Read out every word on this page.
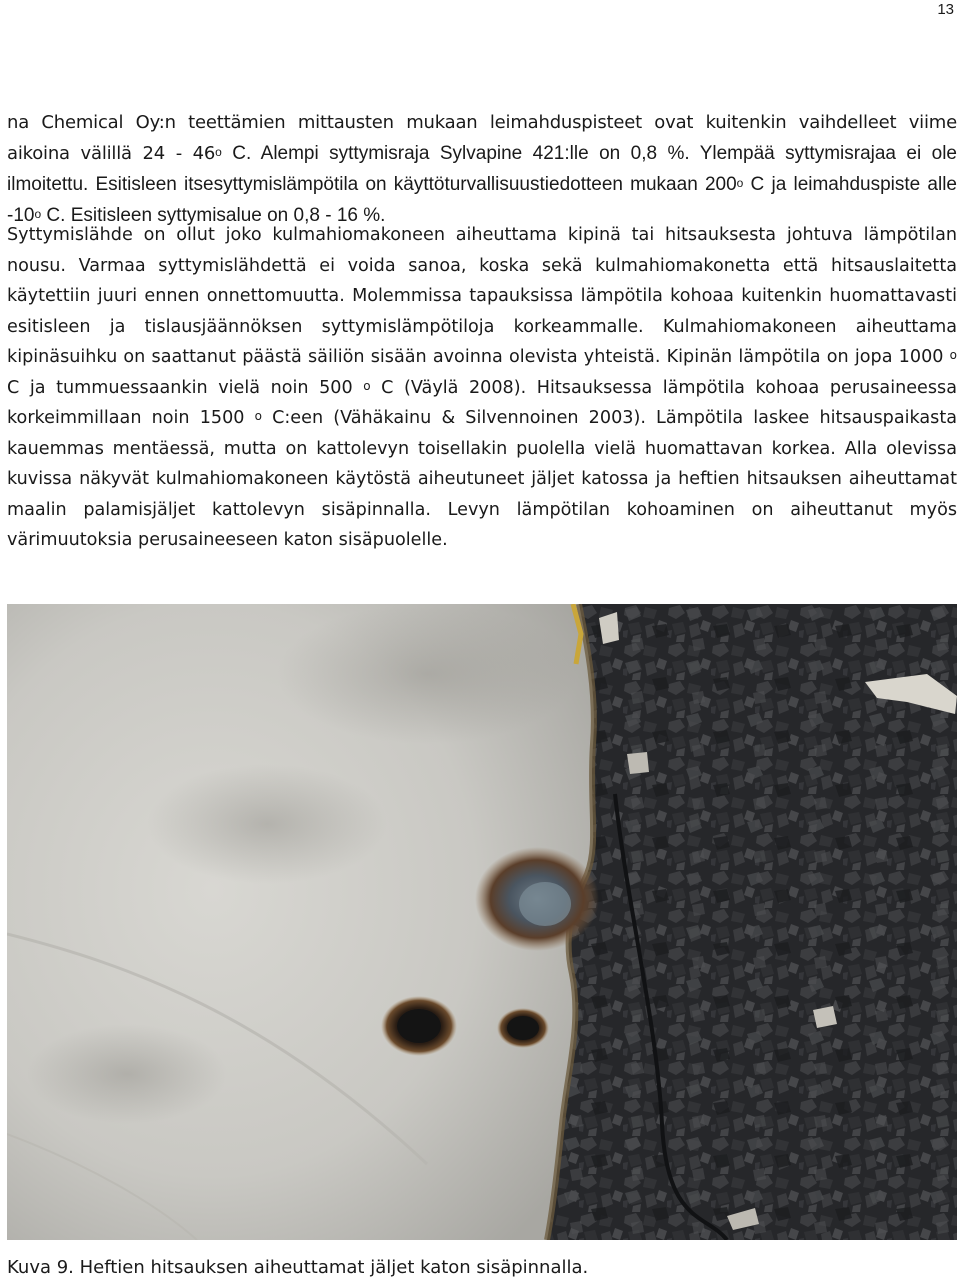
13

na Chemical Oy:n teettämien mittausten mukaan leimahduspisteet ovat kuitenkin vaihdelleet viime aikoina välillä 24 - 46$^o$ C. Alempi syttymisraja Sylvapine 421:lle on 0,8 %. Ylempää syttymisrajaa ei ole ilmoitettu. Esitisleen itsesyttymislämpötila on käyttöturvallisuustiedotteen mukaan 200$^o$ C ja leimahduspiste alle -10$^o$ C. Esitisleen syttymisalue on 0,8 - 16 %.

Syttymislähde on ollut joko kulmahiomakoneen aiheuttama kipinä tai hitsauksesta johtuva lämpötilan nousu. Varmaa syttymislähdettä ei voida sanoa, koska sekä kulmahiomakonetta että hitsauslaitetta käytettiin juuri ennen onnettomuutta. Molemmissa tapauksissa lämpötila kohoaa kuitenkin huomattavasti esitisleen ja tislausjäännöksen syttymislämpötiloja korkeammalle. Kulmahiomakoneen aiheuttama kipinäsuihku on saattanut päästä säiliön sisään avoinna olevista yhteistä. Kipinän lämpötila on jopa 1000 $^o$ C ja tummuessaankin vielä noin 500 $^o$ C (Väylä 2008). Hitsauksessa lämpötila kohoaa perusaineessa korkeimmillaan noin 1500 $^o$ C:een (Vähäkainu & Silvennoinen 2003). Lämpötila laskee hitsauspaikasta kauemmas mentäessä, mutta on kattolevyn toisellakin puolella vielä huomattavan korkea. Alla olevissa kuvissa näkyvät kulmahiomakoneen käytöstä aiheutuneet jäljet katossa ja heftien hitsauksen aiheuttamat maalin palamisjäljet kattolevyn sisäpinnalla. Levyn lämpötilan kohoaminen on aiheuttanut myös värimuutoksia perusaineeseen katon sisäpuolelle.

Kuva 9. Heftien hitsauksen aiheuttamat jäljet katon sisäpinnalla.
